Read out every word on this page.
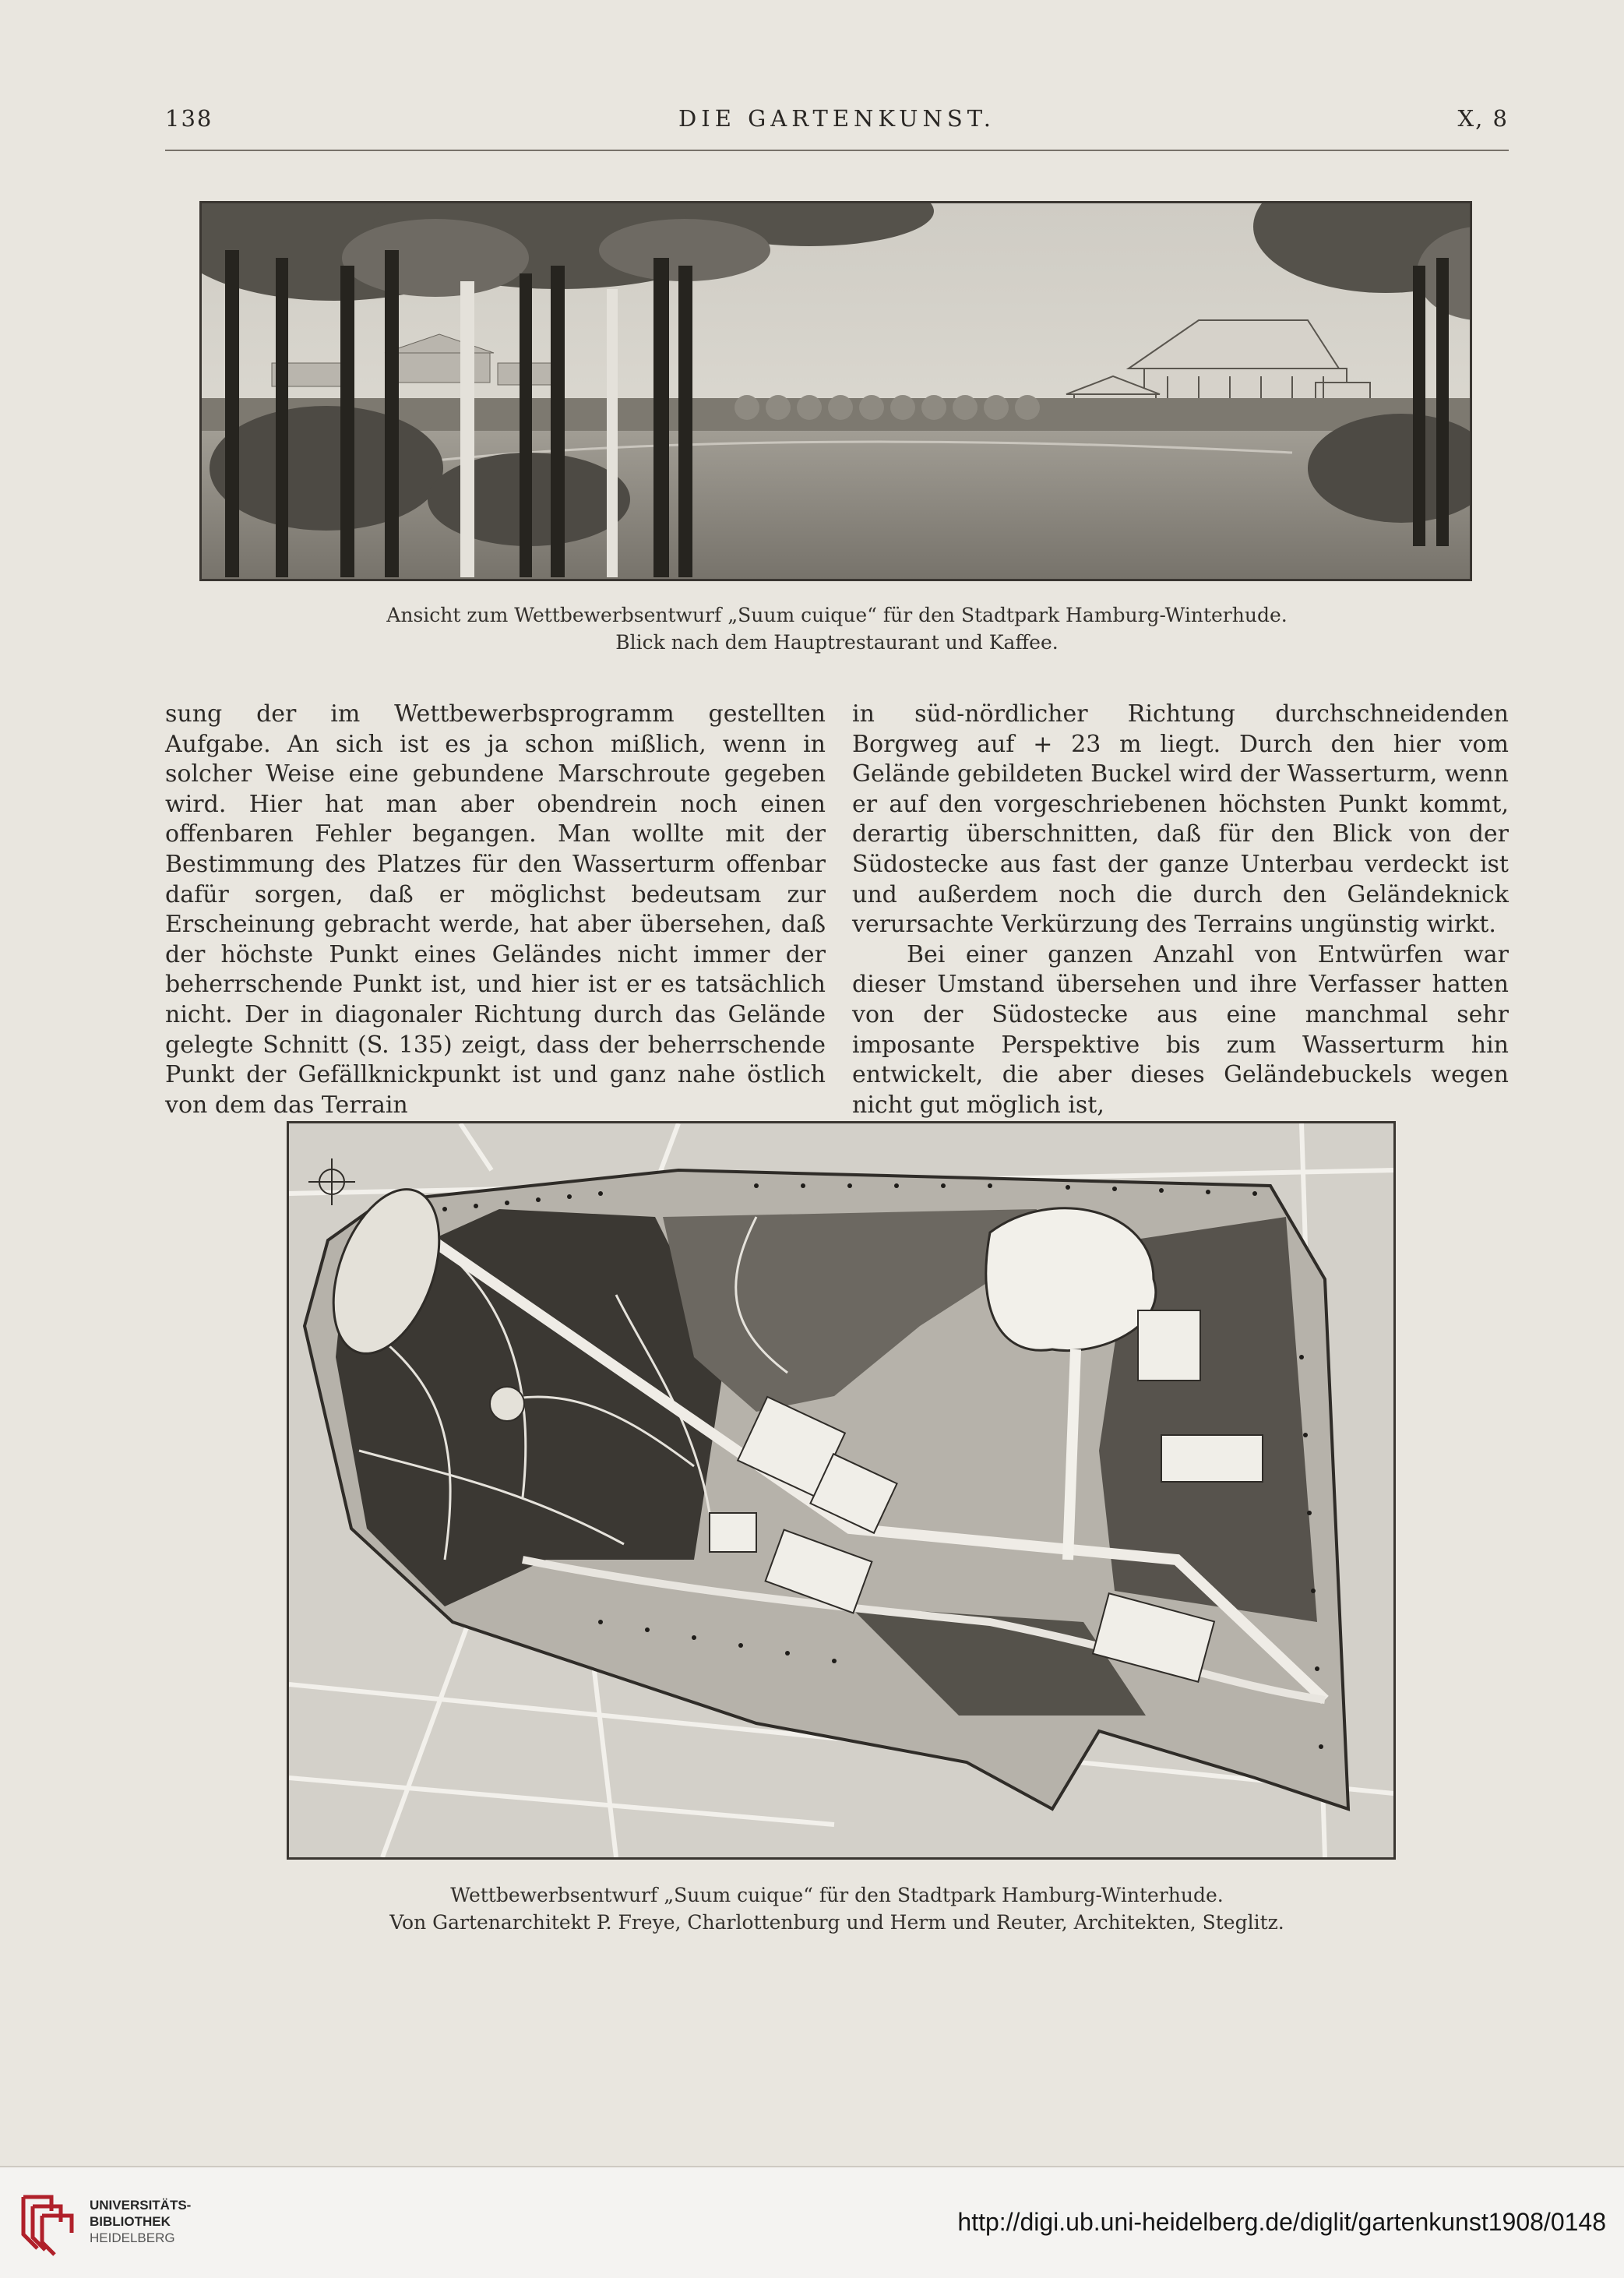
138	DIE GARTENKUNST.	X, 8

Ansicht zum Wettbewerbsentwurf „Suum cuique“ für den Stadtpark Hamburg-Winterhude.

Blick nach dem Hauptrestaurant und Kaffee.

sung der im Wettbewerbsprogramm gestellten Aufgabe. An sich ist es ja schon mißlich, wenn in solcher Weise eine gebundene Marschroute gegeben wird. Hier hat man aber obendrein noch einen offenbaren Fehler begangen. Man wollte mit der Bestimmung des Platzes für den Wasserturm offenbar dafür sorgen, daß er möglichst bedeutsam zur Erscheinung gebracht werde, hat aber übersehen, daß der höchste Punkt eines Geländes nicht immer der beherrschende Punkt ist, und hier ist er es tatsächlich nicht. Der in diagonaler Richtung durch das Gelände gelegte Schnitt (S. 135) zeigt, dass der beherrschende Punkt der Gefällknickpunkt ist und ganz nahe östlich von dem das Terrain

in süd-nördlicher Richtung durchschneidenden Borgweg auf + 23 m liegt. Durch den hier vom Gelände gebildeten Buckel wird der Wasserturm, wenn er auf den vorgeschriebenen höchsten Punkt kommt, derartig überschnitten, daß für den Blick von der Südostecke aus fast der ganze Unterbau verdeckt ist und außerdem noch die durch den Geländeknick verursachte Verkürzung des Terrains ungünstig wirkt.

Bei einer ganzen Anzahl von Entwürfen war dieser Umstand übersehen und ihre Verfasser hatten von der Südostecke aus eine manchmal sehr imposante Perspektive bis zum Wasserturm hin entwickelt, die aber dieses Geländebuckels wegen nicht gut möglich ist,

Wettbewerbsentwurf „Suum cuique“ für den Stadtpark Hamburg-Winterhude.

Von Gartenarchitekt P. Freye, Charlottenburg und Herm und Reuter, Architekten, Steglitz.

UNIVERSITÄTS-
BIBLIOTHEK
HEIDELBERG
http://digi.ub.uni-heidelberg.de/diglit/gartenkunst1908/0148
